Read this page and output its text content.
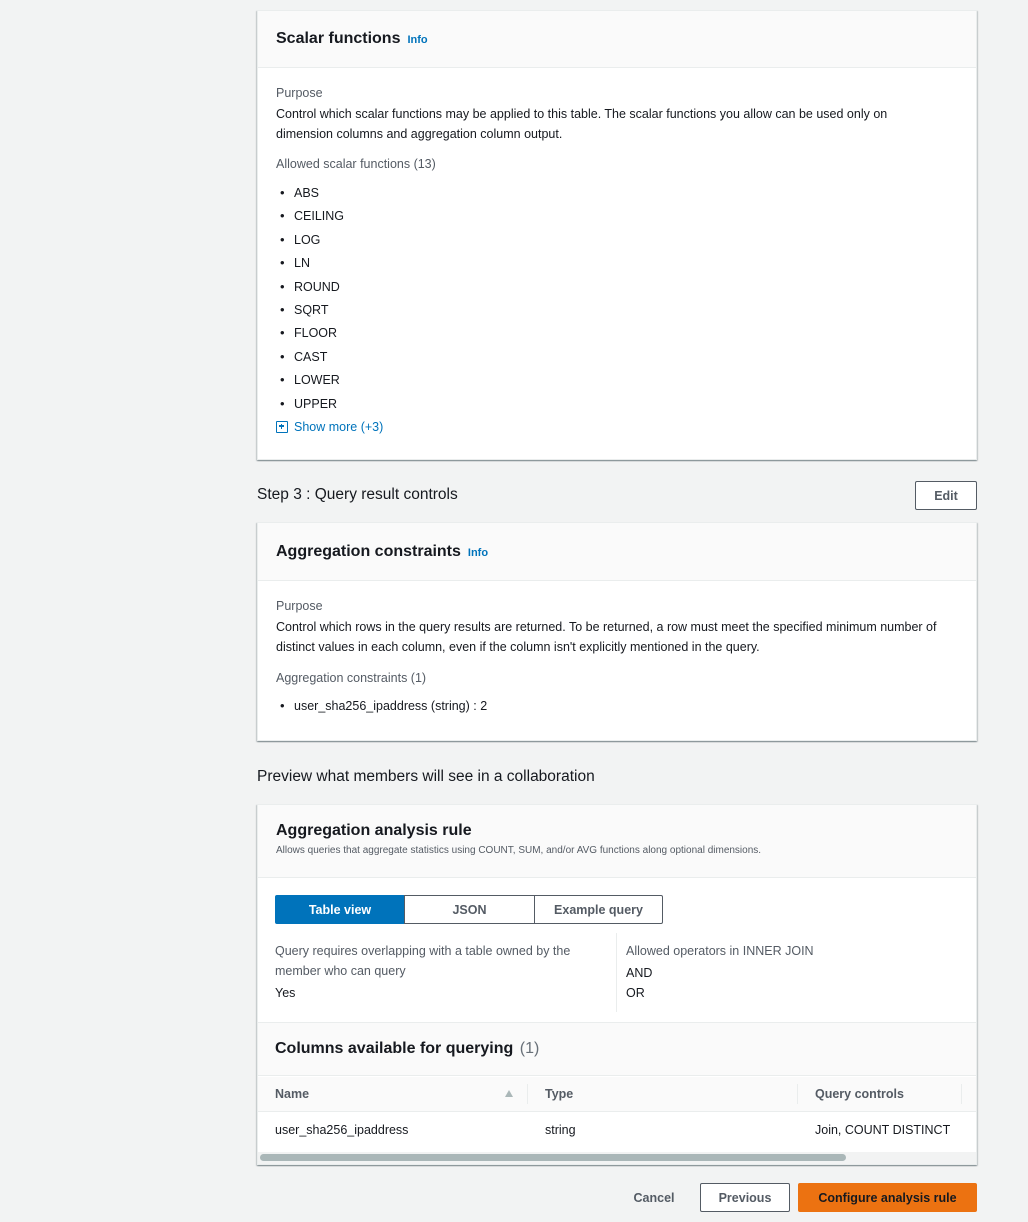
Scalar functions Info
Purpose
Control which scalar functions may be applied to this table. The scalar functions you allow can be used only on dimension columns and aggregation column output.
Allowed scalar functions (13)
• ABS
• CEILING
• LOG
• LN
• ROUND
• SQRT
• FLOOR
• CAST
• LOWER
• UPPER
Show more (+3)
Step 3 : Query result controls	Edit
Aggregation constraints Info
Purpose
Control which rows in the query results are returned. To be returned, a row must meet the specified minimum number of distinct values in each column, even if the column isn't explicitly mentioned in the query.
Aggregation constraints (1)
• user_sha256_ipaddress (string) : 2
Preview what members will see in a collaboration
Aggregation analysis rule
Allows queries that aggregate statistics using COUNT, SUM, and/or AVG functions along optional dimensions.
Table view	JSON	Example query
Query requires overlapping with a table owned by the member who can query
Yes
Allowed operators in INNER JOIN
AND
OR
Columns available for querying (1)
Name	Type	Query controls
user_sha256_ipaddress	string	Join, COUNT DISTINCT
Cancel	Previous	Configure analysis rule
